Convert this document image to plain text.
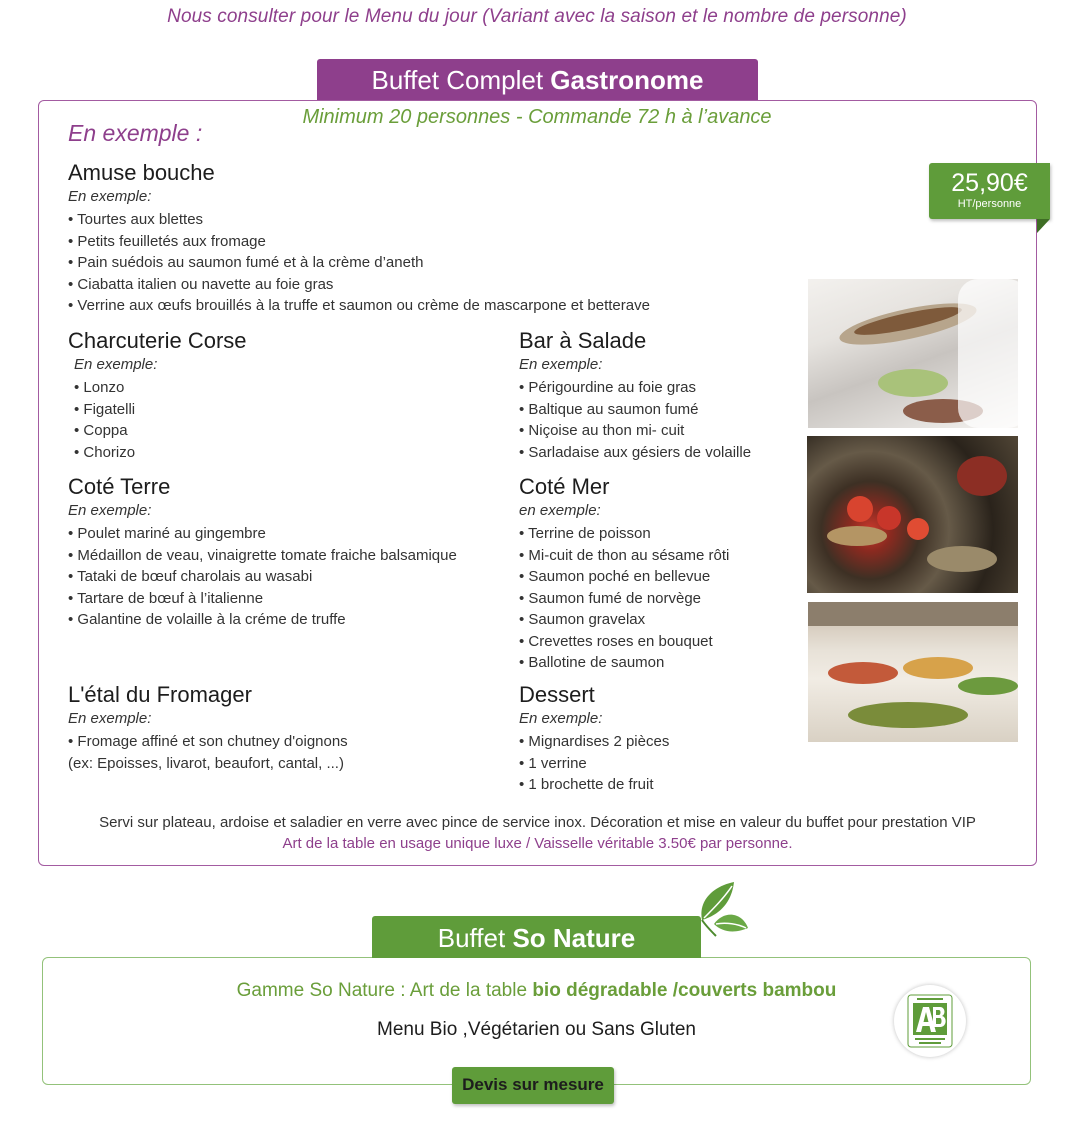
Nous consulter pour le Menu du jour (Variant avec la saison et le nombre de personne)
Buffet Complet Gastronome
Minimum 20 personnes - Commande 72 h à l’avance
En exemple :
25,90€
HT/personne
Amuse bouche
En exemple:
• Tourtes aux blettes
• Petits feuilletés aux fromage
• Pain suédois au saumon fumé et à la crème d’aneth
• Ciabatta italien ou navette au foie gras
• Verrine aux œufs brouillés à la truffe et saumon ou crème de mascarpone et betterave
Charcuterie Corse
En exemple:
• Lonzo
• Figatelli
• Coppa
• Chorizo
Bar à Salade
En exemple:
• Périgourdine au foie gras
• Baltique au saumon fumé
• Niçoise au thon mi- cuit
• Sarladaise aux gésiers de volaille
Coté Terre
En exemple:
• Poulet mariné au gingembre
• Médaillon de veau, vinaigrette tomate fraiche balsamique
• Tataki de bœuf charolais au wasabi
• Tartare de bœuf à l’italienne
• Galantine de volaille à la créme de truffe
Coté Mer
en exemple:
• Terrine de poisson
• Mi-cuit de thon au sésame rôti
• Saumon poché en bellevue
• Saumon fumé de norvège
• Saumon gravelax
• Crevettes roses en bouquet
• Ballotine de saumon
L'étal du Fromager
En exemple:
• Fromage affiné et son chutney d'oignons
(ex: Epoisses, livarot, beaufort, cantal, ...)
Dessert
En exemple:
• Mignardises 2 pièces
• 1 verrine
• 1 brochette de fruit
Servi sur plateau, ardoise et saladier en verre avec pince de service inox. Décoration et mise en valeur du buffet pour prestation VIP
Art de la table en usage unique luxe / Vaisselle véritable 3.50€ par personne.
Buffet So Nature
Gamme So Nature : Art de la table bio dégradable /couverts bambou
Menu Bio ,Végétarien ou Sans Gluten
Devis sur mesure
